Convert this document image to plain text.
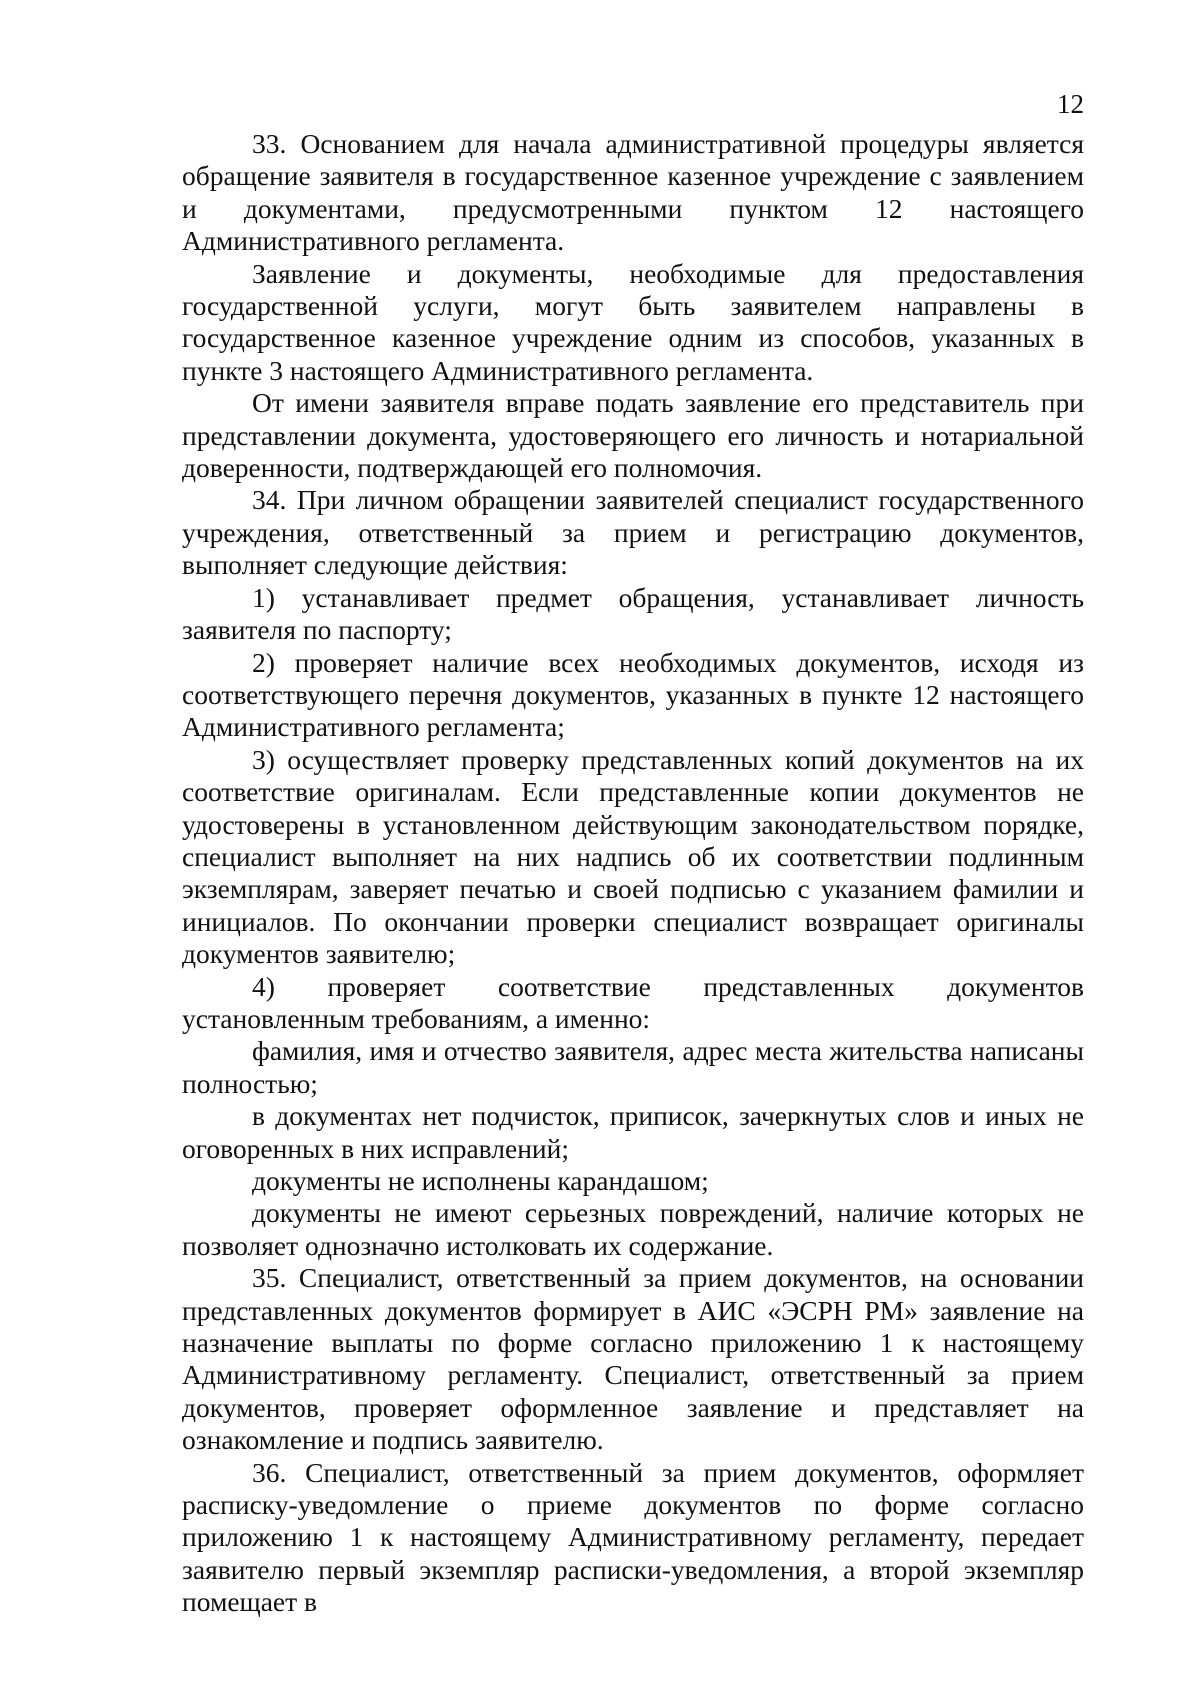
12

33. Основанием для начала административной процедуры является обращение заявителя в государственное казенное учреждение с заявлением и документами, предусмотренными пунктом 12 настоящего Административного регламента.

Заявление и документы, необходимые для предоставления государственной услуги, могут быть заявителем направлены в государственное казенное учреждение одним из способов, указанных в пункте 3 настоящего Административного регламента.

От имени заявителя вправе подать заявление его представитель при представлении документа, удостоверяющего его личность и нотариальной доверенности, подтверждающей его полномочия.

34. При личном обращении заявителей специалист государственного учреждения, ответственный за прием и регистрацию документов, выполняет следующие действия:

1) устанавливает предмет обращения, устанавливает личность заявителя по паспорту;

2) проверяет наличие всех необходимых документов, исходя из соответствующего перечня документов, указанных в пункте 12 настоящего Административного регламента;

3) осуществляет проверку представленных копий документов на их соответствие оригиналам. Если представленные копии документов не удостоверены в установленном действующим законодательством порядке, специалист выполняет на них надпись об их соответствии подлинным экземплярам, заверяет печатью и своей подписью с указанием фамилии и инициалов. По окончании проверки специалист возвращает оригиналы документов заявителю;

4) проверяет соответствие представленных документов установленным требованиям, а именно:

фамилия, имя и отчество заявителя, адрес места жительства написаны полностью;

в документах нет подчисток, приписок, зачеркнутых слов и иных не оговоренных в них исправлений;

документы не исполнены карандашом;

документы не имеют серьезных повреждений, наличие которых не позволяет однозначно истолковать их содержание.

35. Специалист, ответственный за прием документов, на основании представленных документов формирует в АИС «ЭСРН РМ» заявление на назначение выплаты по форме согласно приложению 1 к настоящему Административному регламенту. Специалист, ответственный за прием документов, проверяет оформленное заявление и представляет на ознакомление и подпись заявителю.

36. Специалист, ответственный за прием документов, оформляет расписку-уведомление о приеме документов по форме согласно приложению 1 к настоящему Административному регламенту, передает заявителю первый экземпляр расписки-уведомления, а второй экземпляр помещает в
